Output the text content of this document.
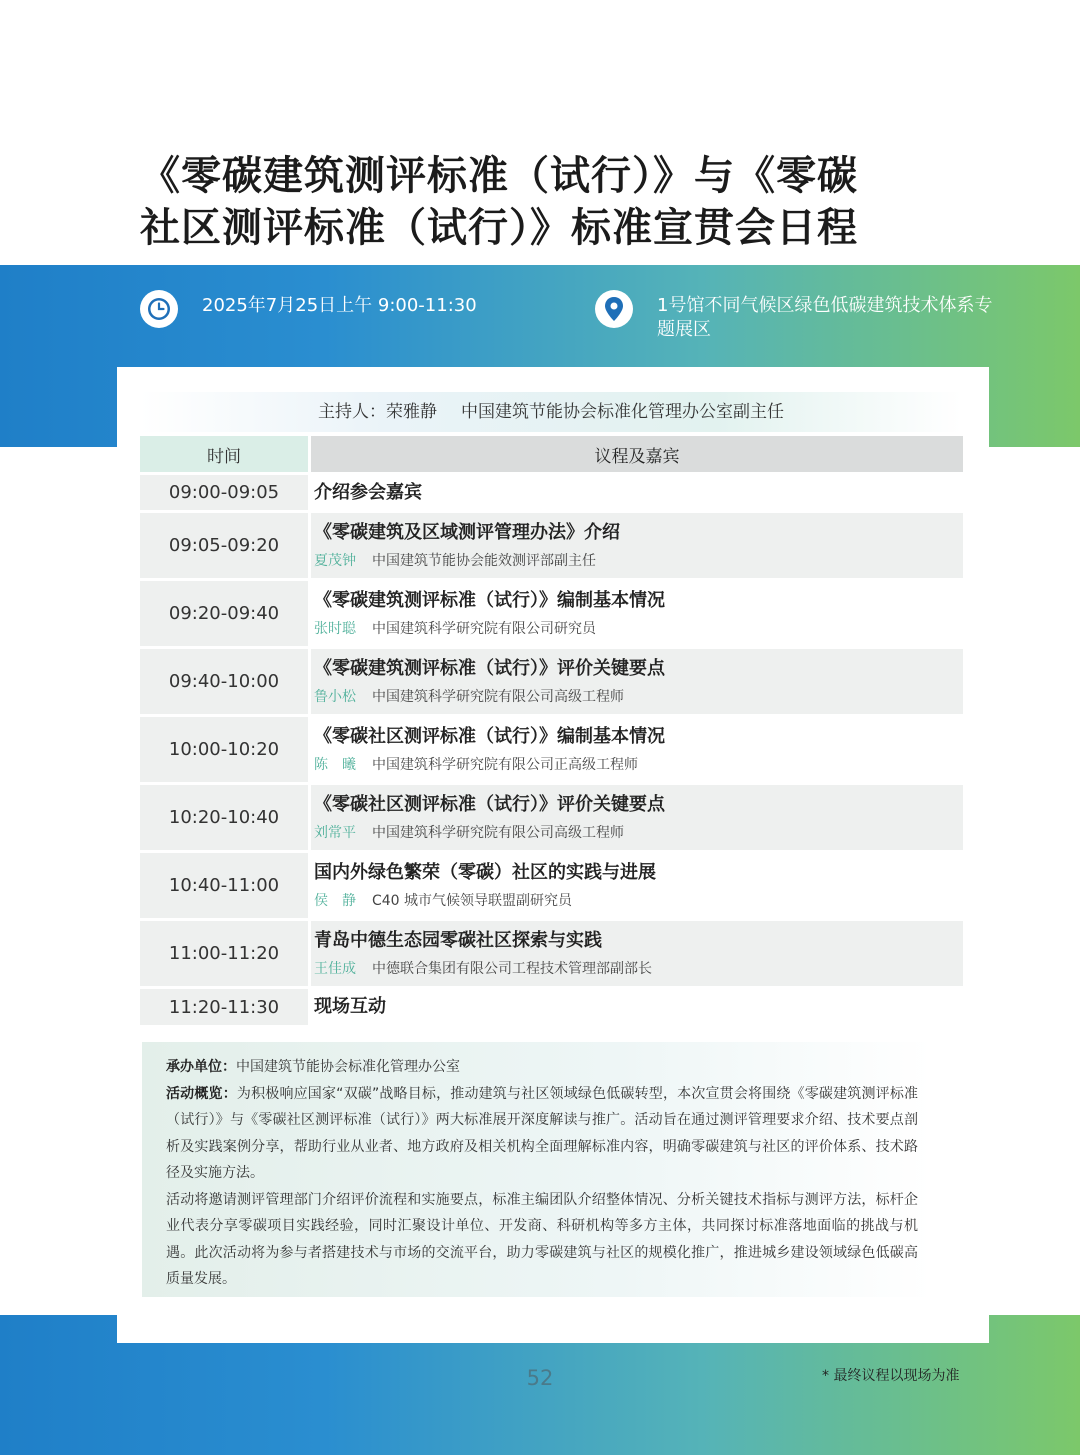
《零碳建筑测评标准（试行）》与《零碳
社区测评标准（试行）》标准宣贯会日程
2025年7月25日上午 9:00-11:30	1号馆不同气候区绿色低碳建筑技术体系专题展区
主持人：荣雅静 中国建筑节能协会标准化管理办公室副主任
时间	议程及嘉宾
09:00-09:05	介绍参会嘉宾
09:05-09:20
《零碳建筑及区域测评管理办法》介绍
夏茂钟 中国建筑节能协会能效测评部副主任
09:20-09:40
《零碳建筑测评标准（试行）》编制基本情况
张时聪 中国建筑科学研究院有限公司研究员
09:40-10:00
《零碳建筑测评标准（试行）》评价关键要点
鲁小松 中国建筑科学研究院有限公司高级工程师
10:00-10:20
《零碳社区测评标准（试行）》编制基本情况
陈　曦 中国建筑科学研究院有限公司正高级工程师
10:20-10:40
《零碳社区测评标准（试行）》评价关键要点
刘常平 中国建筑科学研究院有限公司高级工程师
10:40-11:00
国内外绿色繁荣（零碳）社区的实践与进展
侯　静 C40 城市气候领导联盟副研究员
11:00-11:20
青岛中德生态园零碳社区探索与实践
王佳成 中德联合集团有限公司工程技术管理部副部长
11:20-11:30	现场互动
承办单位：中国建筑节能协会标准化管理办公室
活动概览：为积极响应国家“双碳”战略目标，推动建筑与社区领域绿色低碳转型，本次宣贯会将围绕《零碳建筑测评标准（试行）》与《零碳社区测评标准（试行）》两大标准展开深度解读与推广。活动旨在通过测评管理要求介绍、技术要点剖析及实践案例分享，帮助行业从业者、地方政府及相关机构全面理解标准内容，明确零碳建筑与社区的评价体系、技术路径及实施方法。
活动将邀请测评管理部门介绍评价流程和实施要点，标准主编团队介绍整体情况、分析关键技术指标与测评方法，标杆企业代表分享零碳项目实践经验，同时汇聚设计单位、开发商、科研机构等多方主体，共同探讨标准落地面临的挑战与机遇。此次活动将为参与者搭建技术与市场的交流平台，助力零碳建筑与社区的规模化推广，推进城乡建设领域绿色低碳高质量发展。
52	* 最终议程以现场为准
